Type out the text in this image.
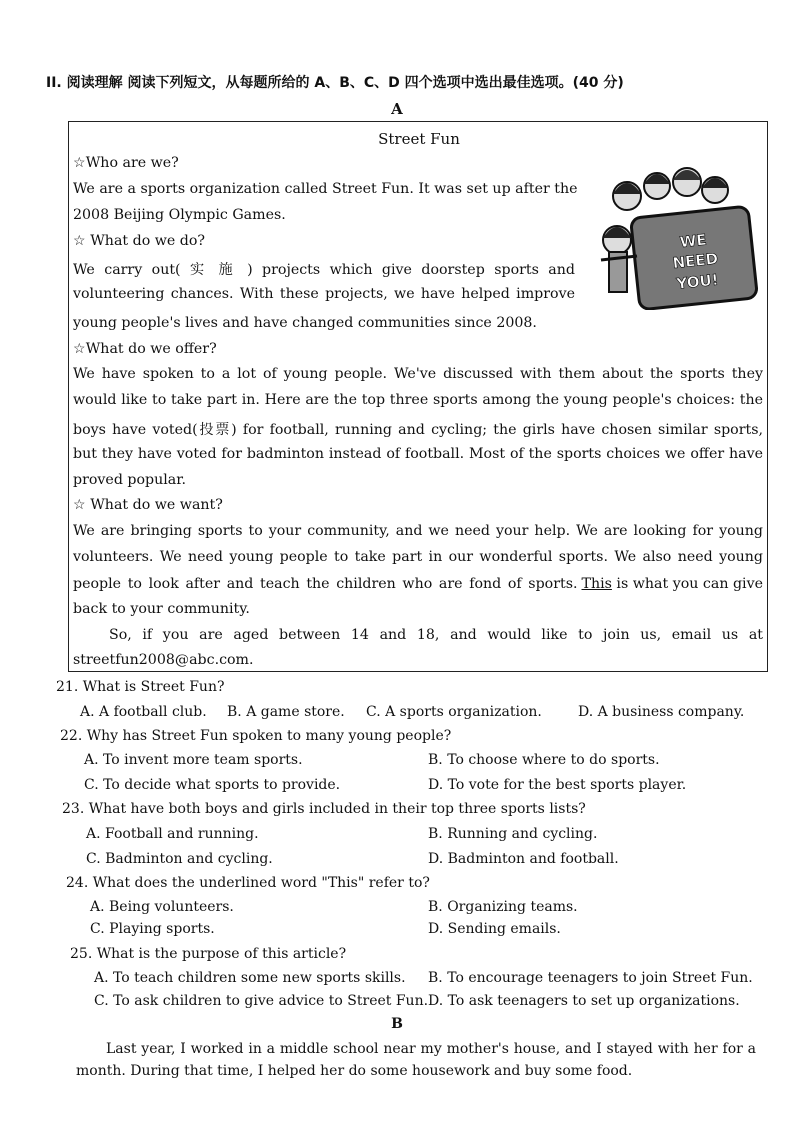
II. 阅读理解 阅读下列短文，从每题所给的 A、B、C、D 四个选项中选出最佳选项。(40 分)
A
Street Fun
WE
NEED
YOU!
☆Who are we?
We are a sports organization called Street Fun. It was set up after the
2008 Beijing Olympic Games.
☆ What do we do?
We carry out( 实 施 ) projects which give doorstep sports and
volunteering chances. With these projects, we have helped improve
young people's lives and have changed communities since 2008.
☆What do we offer?
We have spoken to a lot of young people. We've discussed with them about the sports they
would like to take part in. Here are the top three sports among the young people's choices: the
boys have voted(投票) for football, running and cycling; the girls have chosen similar sports,
but they have voted for badminton instead of football. Most of the sports choices we offer have
proved popular.
☆ What do we want?
We are bringing sports to your community, and we need your help. We are looking for young
volunteers. We need young people to take part in our wonderful sports. We also need young
people to look after and teach the children who are fond of sports. This is what you can give
back to your community.
So, if you are aged between 14 and 18, and would like to join us, email us at
streetfun2008@abc.com.
21. What is Street Fun?
A. A football club. B. A game store. C. A sports organization.	D. A business company.
22. Why has Street Fun spoken to many young people?
A. To invent more team sports.	B. To choose where to do sports.
C. To decide what sports to provide.	D. To vote for the best sports player.
23. What have both boys and girls included in their top three sports lists?
A. Football and running.	B. Running and cycling.
C. Badminton and cycling.	D. Badminton and football.
24. What does the underlined word "This" refer to?
A. Being volunteers.	B. Organizing teams.
C. Playing sports.	D. Sending emails.
25. What is the purpose of this article?
A. To teach children some new sports skills. B. To encourage teenagers to join Street Fun.
C. To ask children to give advice to Street Fun. D. To ask teenagers to set up organizations.
B
Last year, I worked in a middle school near my mother's house, and I stayed with her for a
month. During that time, I helped her do some housework and buy some food.
